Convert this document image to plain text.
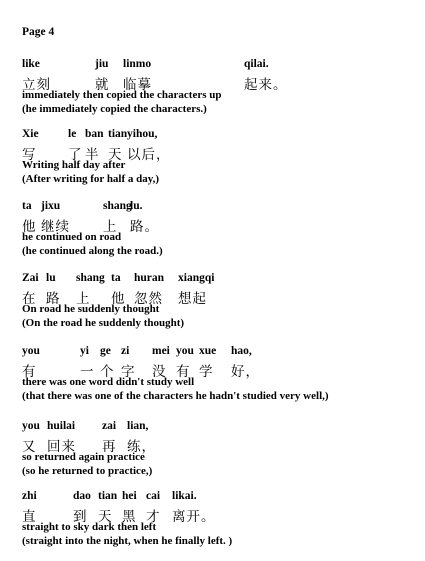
Page 4
like	jiu linmo	qilai.
立刻	就 临摹	起来。
immediately then copied the characters up
(he immediately copied the characters.)
Xie	le ban tian yihou,
写 了 半 天 以后，
Writing half day after
(After writing for half a day,)
ta jixu	shang
lu.
他 继续 上 路。
he continued on road
(he continued along the road.)
Zai lu shang ta huran xiangqi
在 路 上 他 忽然 想起
On road he suddenly thought
(On the road he suddenly thought)
you	yi ge zi mei you xue hao,
有	一 个 字 没 有 学 好，
there was one word didn't study well
(that there was one of the characters he hadn't studied very well,)
you huilai zai lian,
又 回来 再 练，
so returned again practice
(so he returned to practice,)
zhi	dao tian hei cai likai.
直	到 天 黑 才 离开。
straight to sky dark then left
(straight into the night, when he finally left. )
